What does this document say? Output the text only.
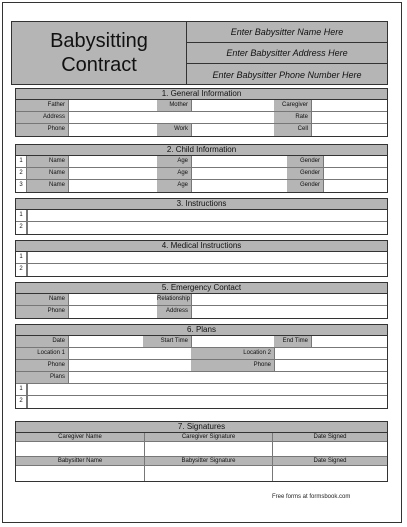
Babysitting
Contract
Enter Babysitter Name Here
Enter Babysitter Address Here
Enter Babysitter Phone Number Here
1. General Information
Father	Mother	Caregiver
Address	Rate
Phone	Work	Cell
2. Child Information
1	Name	Age	Gender
2	Name	Age	Gender
3	Name	Age	Gender
3. Instructions
1
2
4. Medical Instructions
1
2
5. Emergency Contact
Name	Relationship
Phone	Address
6. Plans
Date	Start Time	End Time
Location 1	Location 2
Phone	Phone
Plans
1
2
7. Signatures
Caregiver Name	Caregiver Signature	Date Signed
Babysitter Name	Babysitter Signature	Date Signed
Free forms at formsbook.com
